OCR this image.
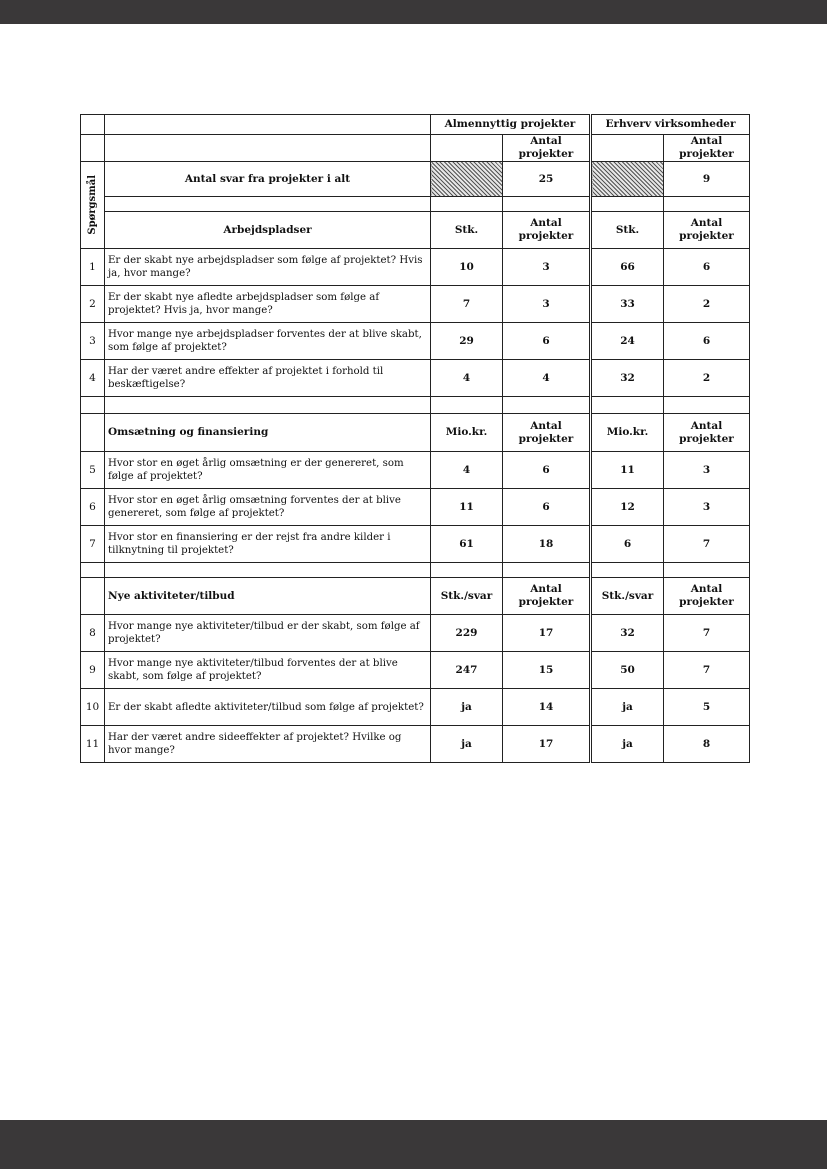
		Almennyttig projekter		Erhverv virksomheder	
			Antal projekter		Antal projekter

Spørgsmål	Antal svar fra projekter i alt		25		9

	Arbejdspladser	Stk.	Antal projekter	Stk.	Antal projekter
1	Er der skabt nye arbejdspladser som følge af projektet? Hvis ja, hvor mange?	10	3	66	6
2	Er der skabt nye afledte arbejdspladser som følge af projektet? Hvis ja, hvor mange?	7	3	33	2
3	Hvor mange nye arbejdspladser forventes der at blive skabt, som følge af projektet?	29	6	24	6
4	Har der været andre effekter af projektet i forhold til beskæftigelse?	4	4	32	2

	Omsætning og finansiering	Mio.kr.	Antal projekter	Mio.kr.	Antal projekter
5	Hvor stor en øget årlig omsætning er der genereret, som følge af projektet?	4	6	11	3
6	Hvor stor en øget årlig omsætning forventes der at blive genereret, som følge af projektet?	11	6	12	3
7	Hvor stor en finansiering er der rejst fra andre kilder i tilknytning til projektet?	61	18	6	7

	Nye aktiviteter/tilbud	Stk./svar	Antal projekter	Stk./svar	Antal projekter
8	Hvor mange nye aktiviteter/tilbud er der skabt, som følge af projektet?	229	17	32	7
9	Hvor mange nye aktiviteter/tilbud forventes der at blive skabt, som følge af projektet?	247	15	50	7
10	Er der skabt afledte aktiviteter/tilbud som følge af projektet?	ja	14	ja	5
11	Har der været andre sideeffekter af projektet? Hvilke og hvor mange?	ja	17	ja	8
